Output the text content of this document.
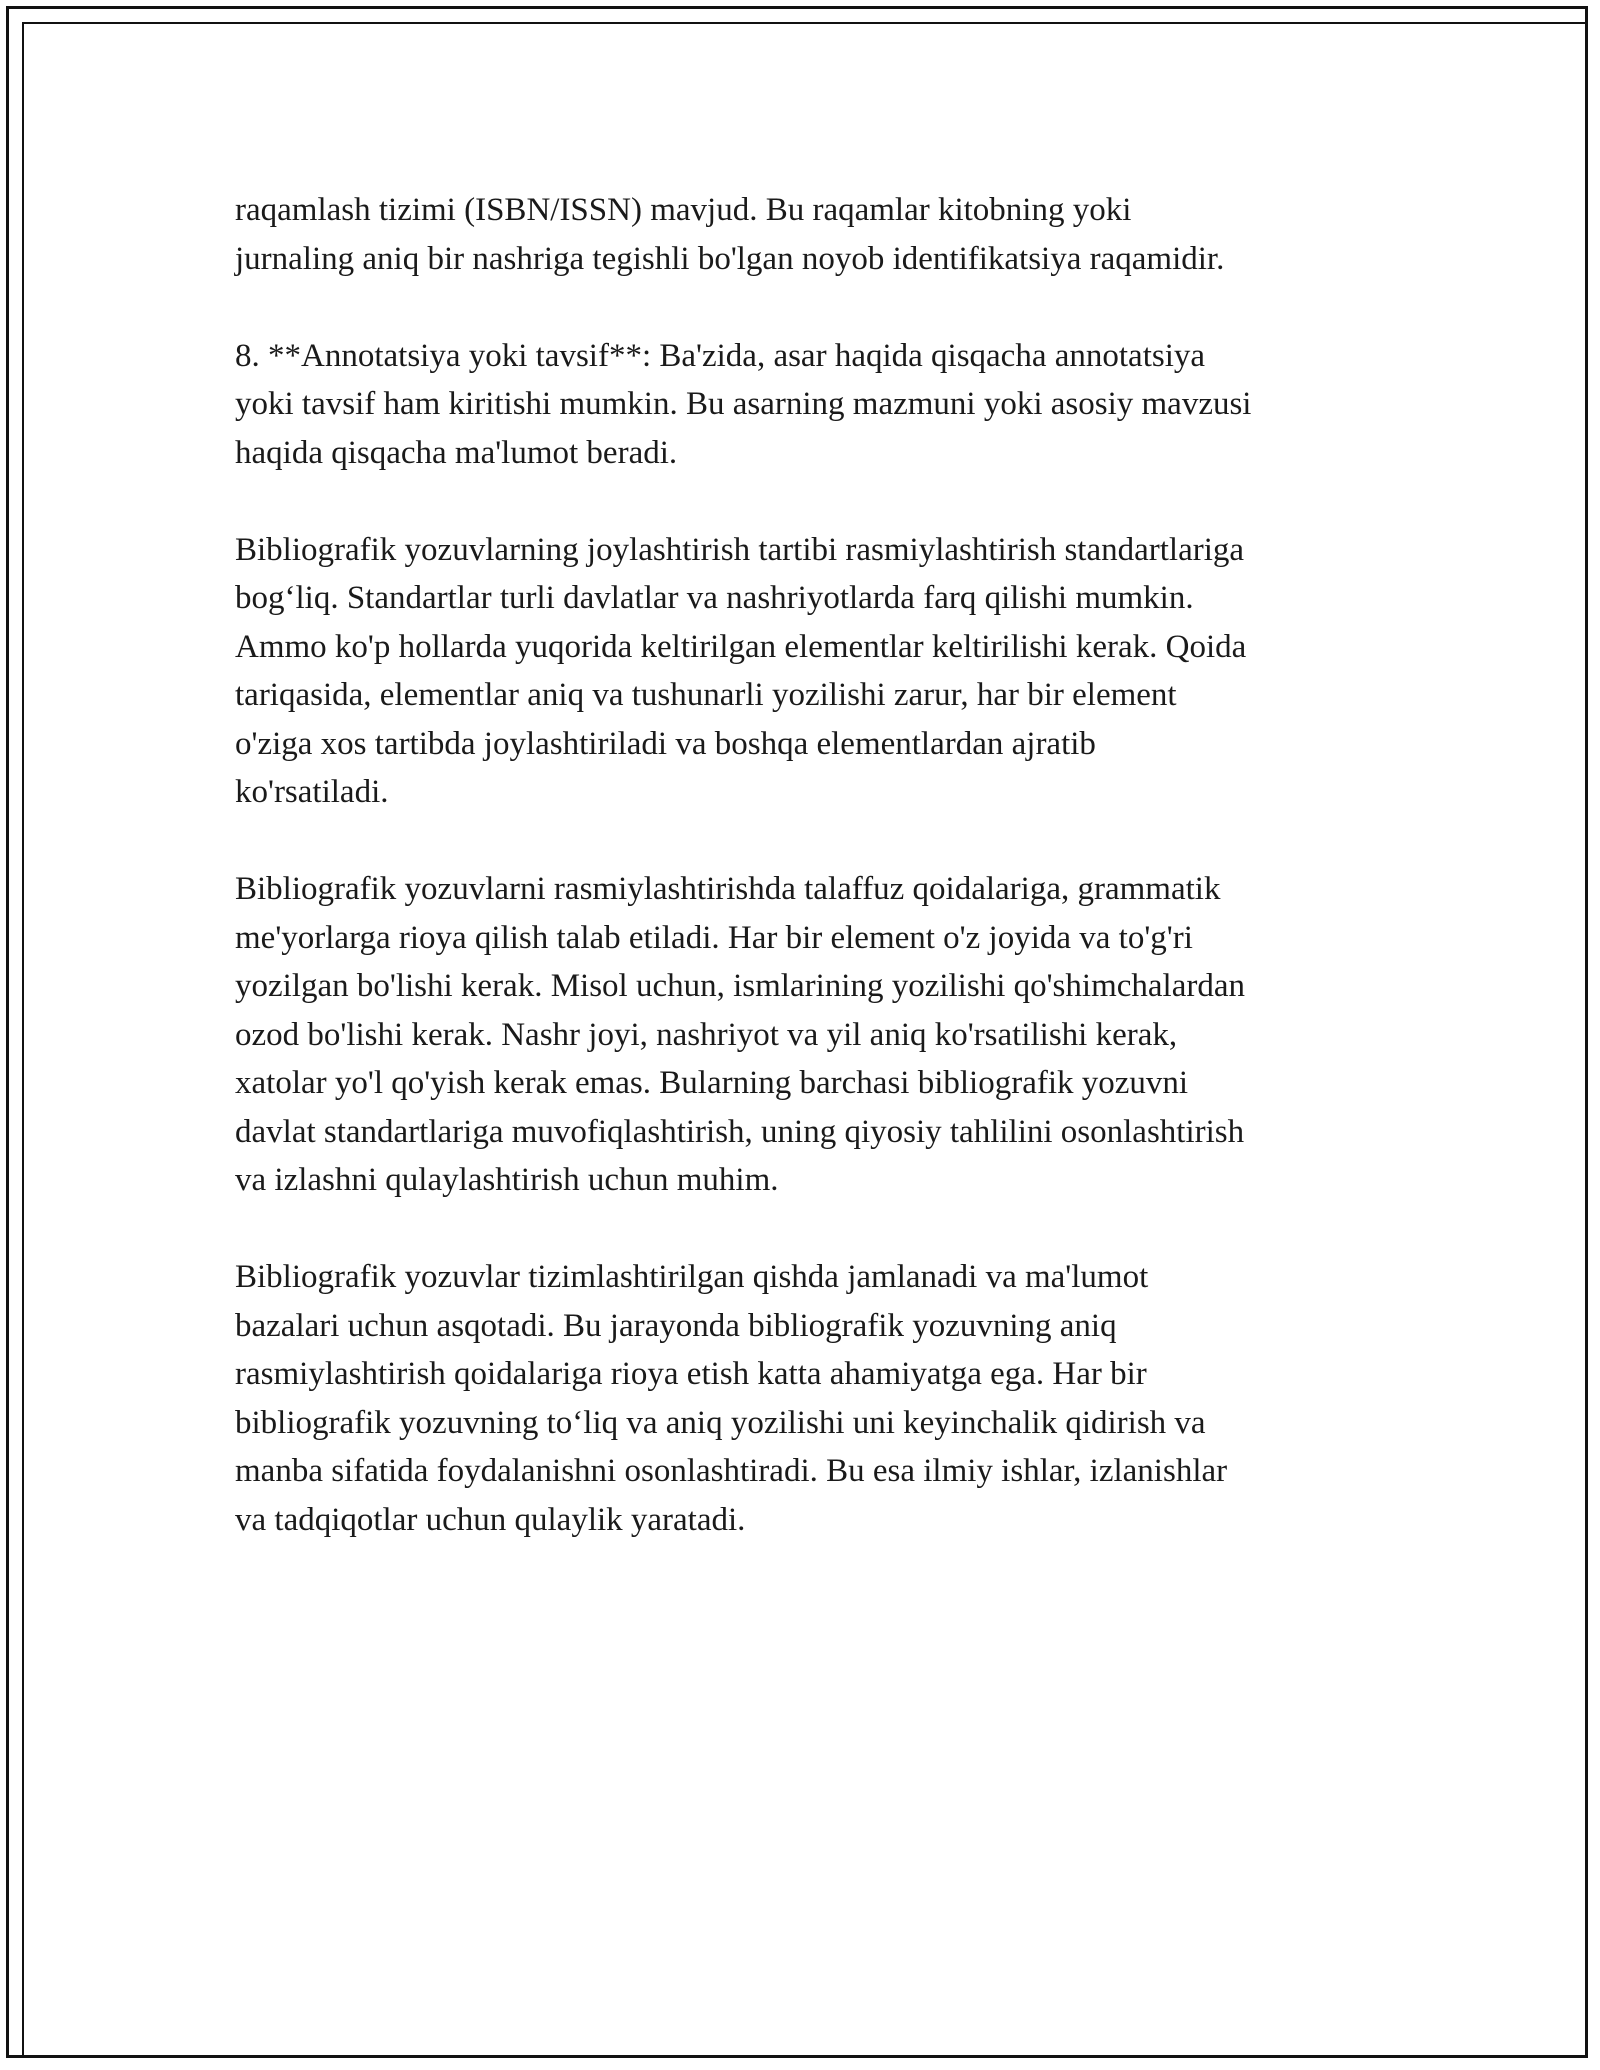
raqamlash tizimi (ISBN/ISSN) mavjud. Bu raqamlar kitobning yoki
jurnaling aniq bir nashriga tegishli bo'lgan noyob identifikatsiya raqamidir.

8. **Annotatsiya yoki tavsif**: Ba'zida, asar haqida qisqacha annotatsiya
yoki tavsif ham kiritishi mumkin. Bu asarning mazmuni yoki asosiy mavzusi
haqida qisqacha ma'lumot beradi.

Bibliografik yozuvlarning joylashtirish tartibi rasmiylashtirish standartlariga
bog‘liq. Standartlar turli davlatlar va nashriyotlarda farq qilishi mumkin.
Ammo ko'p hollarda yuqorida keltirilgan elementlar keltirilishi kerak. Qoida
tariqasida, elementlar aniq va tushunarli yozilishi zarur, har bir element
o'ziga xos tartibda joylashtiriladi va boshqa elementlardan ajratib
ko'rsatiladi.

Bibliografik yozuvlarni rasmiylashtirishda talaffuz qoidalariga, grammatik
me'yorlarga rioya qilish talab etiladi. Har bir element o'z joyida va to'g'ri
yozilgan bo'lishi kerak. Misol uchun, ismlarining yozilishi qo'shimchalardan
ozod bo'lishi kerak. Nashr joyi, nashriyot va yil aniq ko'rsatilishi kerak,
xatolar yo'l qo'yish kerak emas. Bularning barchasi bibliografik yozuvni
davlat standartlariga muvofiqlashtirish, uning qiyosiy tahlilini osonlashtirish
va izlashni qulaylashtirish uchun muhim.

Bibliografik yozuvlar tizimlashtirilgan qishda jamlanadi va ma'lumot
bazalari uchun asqotadi. Bu jarayonda bibliografik yozuvning aniq
rasmiylashtirish qoidalariga rioya etish katta ahamiyatga ega. Har bir
bibliografik yozuvning to‘liq va aniq yozilishi uni keyinchalik qidirish va
manba sifatida foydalanishni osonlashtiradi. Bu esa ilmiy ishlar, izlanishlar
va tadqiqotlar uchun qulaylik yaratadi.
